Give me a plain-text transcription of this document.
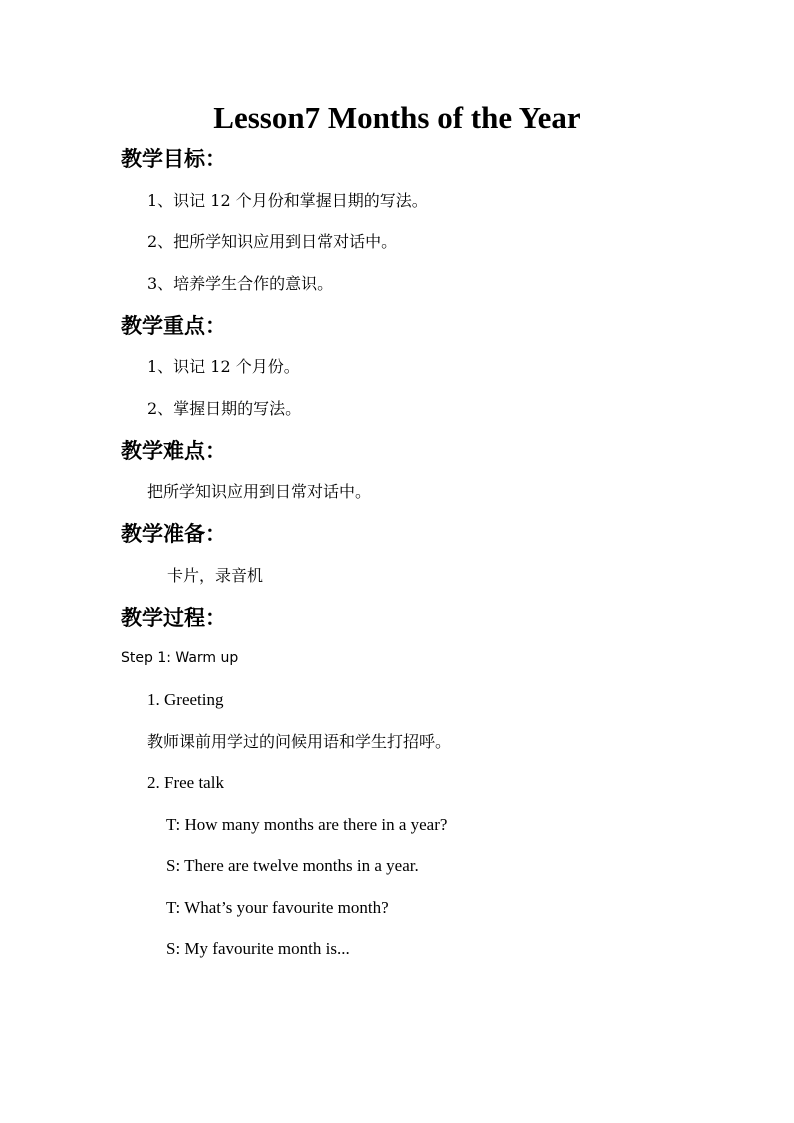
Lesson7 Months of the Year
教学目标：
1、识记 12 个月份和掌握日期的写法。
2、把所学知识应用到日常对话中。
3、培养学生合作的意识。
教学重点：
1、识记 12 个月份。
2、掌握日期的写法。
教学难点：
把所学知识应用到日常对话中。
教学准备：
卡片，录音机
教学过程：
Step 1: Warm up
1. Greeting
教师课前用学过的问候用语和学生打招呼。
2. Free talk
T: How many months are there in a year?
S: There are twelve months in a year.
T: What’s your favourite month?
S: My favourite month is...
